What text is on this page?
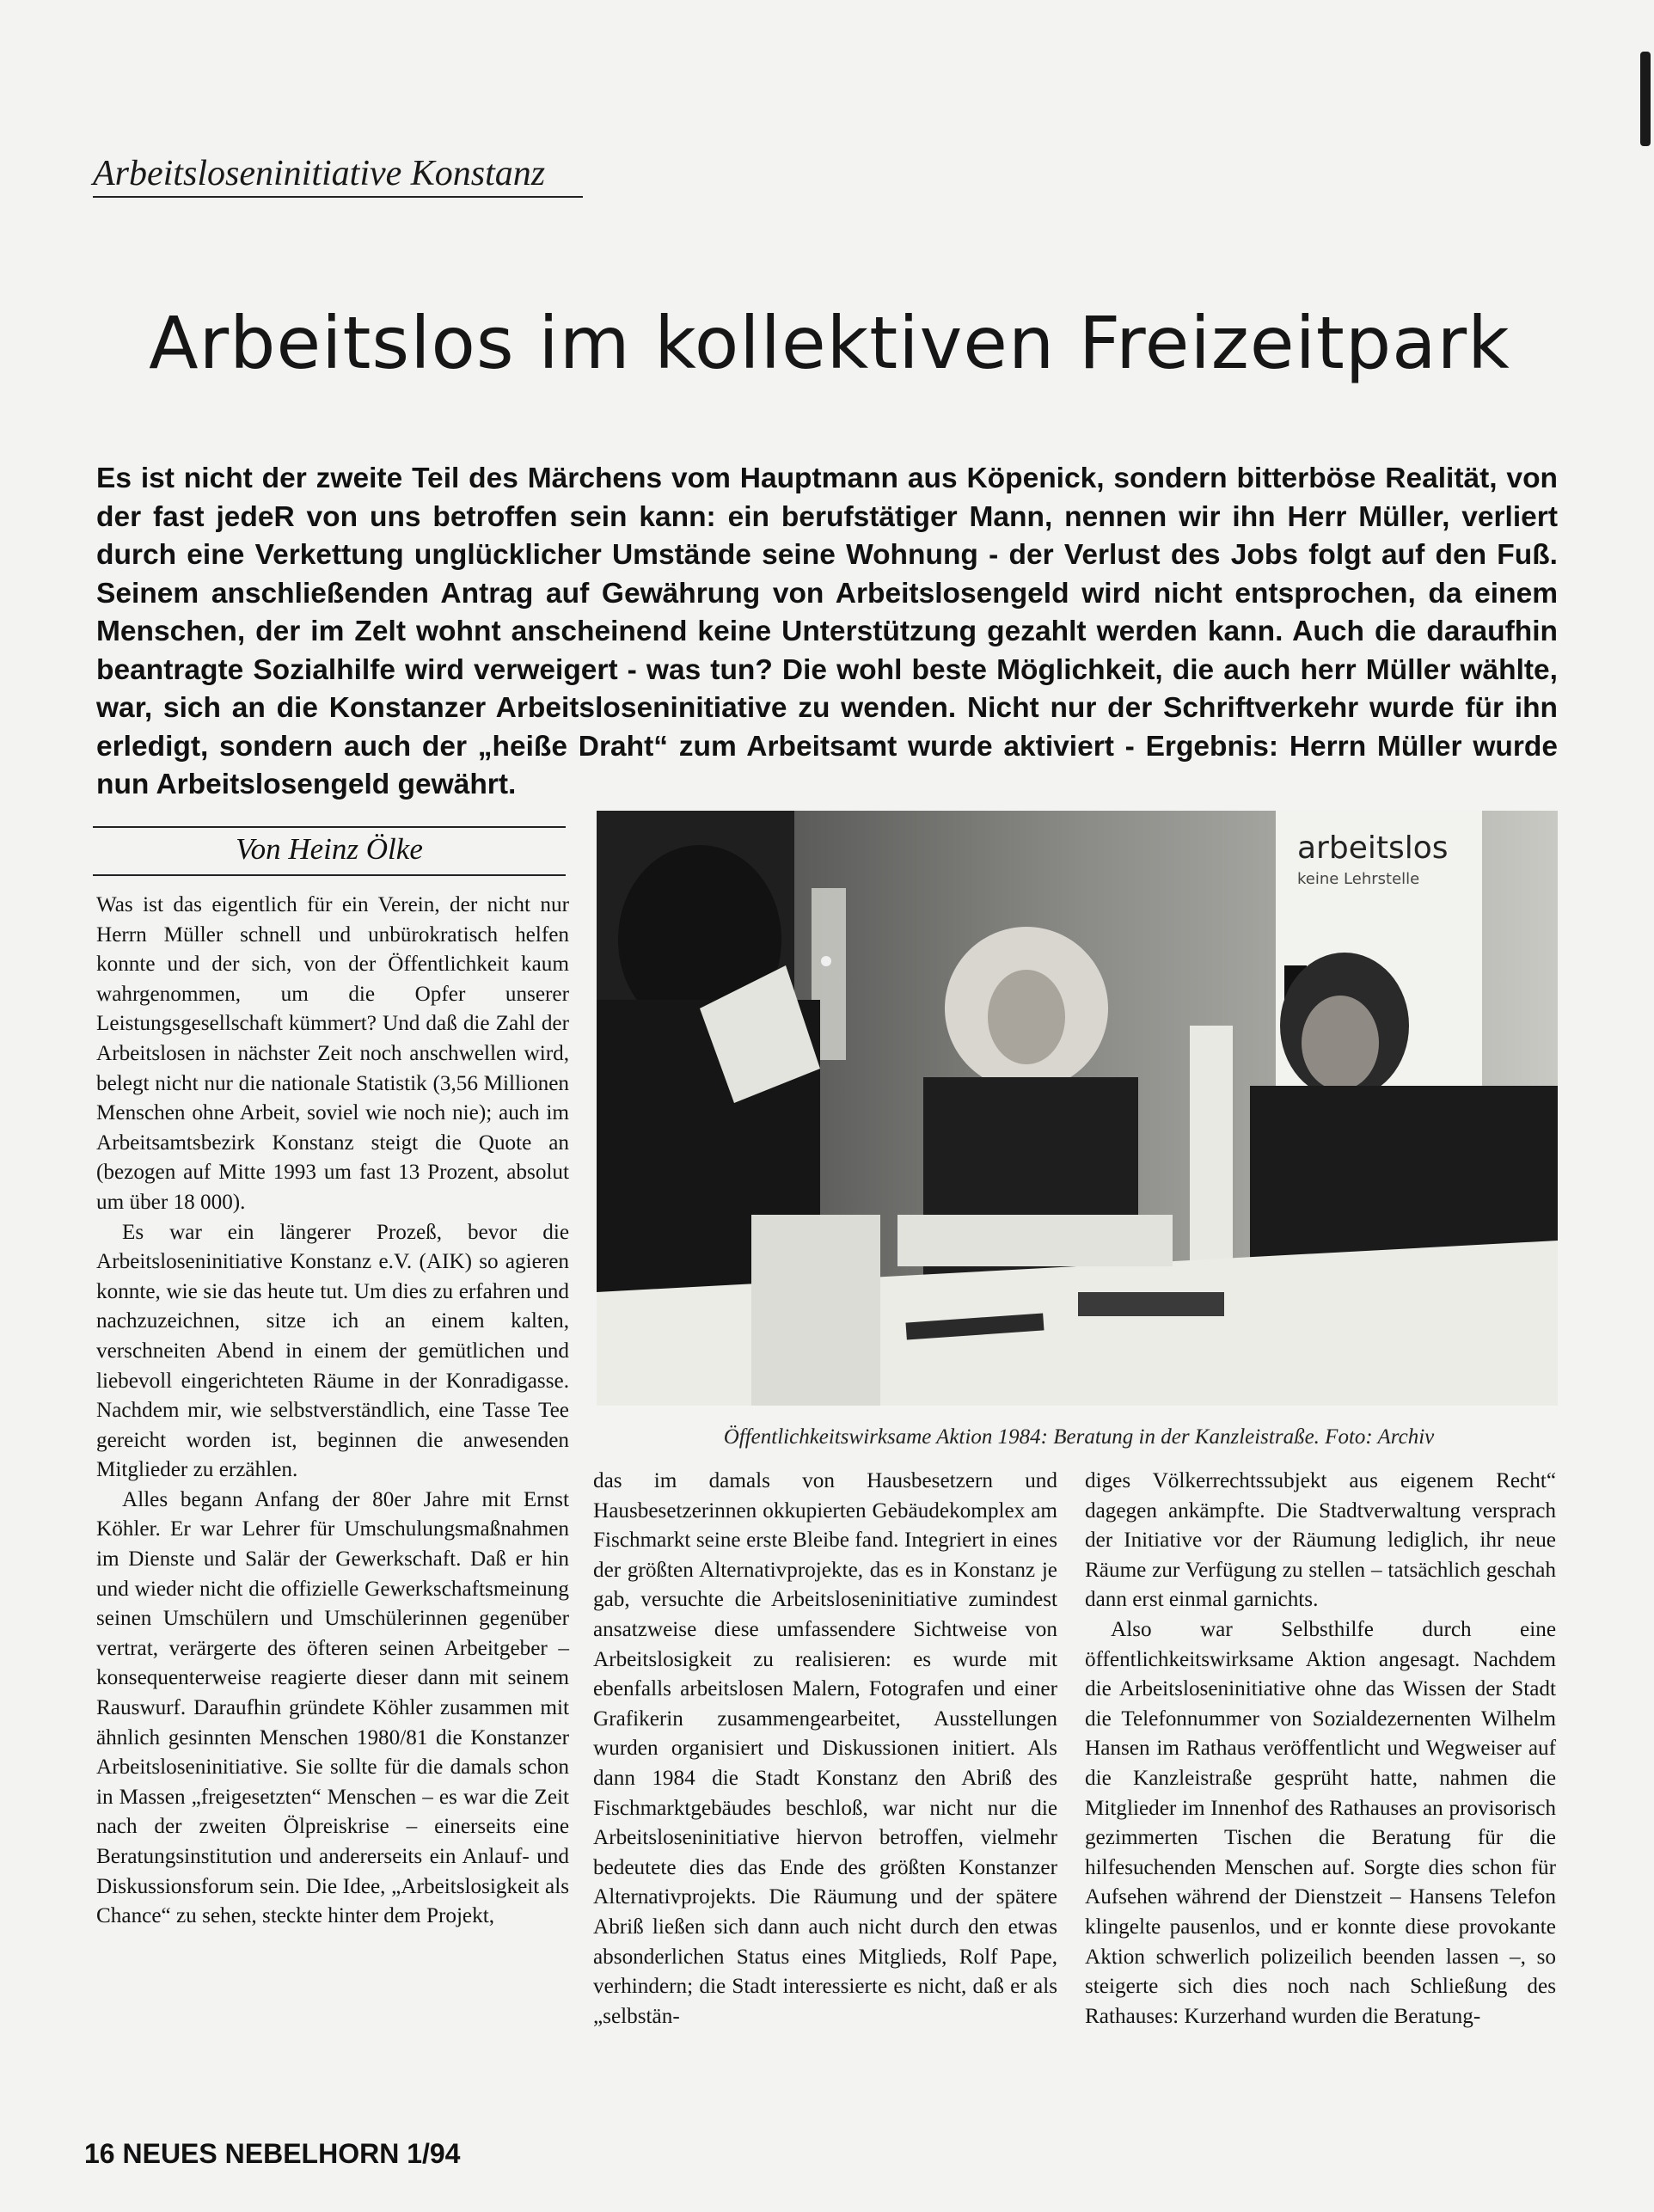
Arbeitsloseninitiative Konstanz
Arbeitslos im kollektiven Freizeitpark

Es ist nicht der zweite Teil des Märchens vom Hauptmann aus Köpenick, sondern bitterböse Realität, von der fast jedeR von uns betroffen sein kann: ein berufstätiger Mann, nennen wir ihn Herr Müller, verliert durch eine Verkettung unglücklicher Umstände seine Wohnung - der Verlust des Jobs folgt auf den Fuß. Seinem anschließenden Antrag auf Gewährung von Arbeitslosengeld wird nicht entsprochen, da einem Menschen, der im Zelt wohnt anscheinend keine Unterstützung gezahlt werden kann. Auch die daraufhin beantragte Sozialhilfe wird verweigert - was tun? Die wohl beste Möglichkeit, die auch herr Müller wählte, war, sich an die Konstanzer Arbeitsloseninitiative zu wenden. Nicht nur der Schriftverkehr wurde für ihn erledigt, sondern auch der „heiße Draht“ zum Arbeitsamt wurde aktiviert - Ergebnis: Herrn Müller wurde nun Arbeitslosengeld gewährt.

Von Heinz Ölke

Was ist das eigentlich für ein Verein, der nicht nur Herrn Müller schnell und unbürokratisch helfen konnte und der sich, von der Öffentlichkeit kaum wahrgenommen, um die Opfer unserer Leistungsgesellschaft kümmert? Und daß die Zahl der Arbeitslosen in nächster Zeit noch anschwellen wird, belegt nicht nur die nationale Statistik (3,56 Millionen Menschen ohne Arbeit, soviel wie noch nie); auch im Arbeitsamtsbezirk Konstanz steigt die Quote an (bezogen auf Mitte 1993 um fast 13 Prozent, absolut um über 18 000).

Es war ein längerer Prozeß, bevor die Arbeitsloseninitiative Konstanz e.V. (AIK) so agieren konnte, wie sie das heute tut. Um dies zu erfahren und nachzuzeichnen, sitze ich an einem kalten, verschneiten Abend in einem der gemütlichen und liebevoll eingerichteten Räume in der Konradigasse. Nachdem mir, wie selbstverständlich, eine Tasse Tee gereicht worden ist, beginnen die anwesenden Mitglieder zu erzählen.

Alles begann Anfang der 80er Jahre mit Ernst Köhler. Er war Lehrer für Umschulungsmaßnahmen im Dienste und Salär der Gewerkschaft. Daß er hin und wieder nicht die offizielle Gewerkschaftsmeinung seinen Umschülern und Umschülerinnen gegenüber vertrat, verärgerte des öfteren seinen Arbeitgeber – konsequenterweise reagierte dieser dann mit seinem Rauswurf. Daraufhin gründete Köhler zusammen mit ähnlich gesinnten Menschen 1980/81 die Konstanzer Arbeitsloseninitiative. Sie sollte für die damals schon in Massen „freigesetzten“ Menschen – es war die Zeit nach der zweiten Ölpreiskrise – einerseits eine Beratungsinstitution und andererseits ein Anlauf- und Diskussionsforum sein. Die Idee, „Arbeitslosigkeit als Chance“ zu sehen, steckte hinter dem Projekt,

arbeitslos
keine Lehrstelle
Öffentlichkeitswirksame Aktion 1984: Beratung in der Kanzleistraße. Foto: Archiv

das im damals von Hausbesetzern und Hausbesetzerinnen okkupierten Gebäudekomplex am Fischmarkt seine erste Bleibe fand. Integriert in eines der größten Alternativprojekte, das es in Konstanz je gab, versuchte die Arbeitsloseninitiative zumindest ansatzweise diese umfassendere Sichtweise von Arbeitslosigkeit zu realisieren: es wurde mit ebenfalls arbeitslosen Malern, Fotografen und einer Grafikerin zusammengearbeitet, Ausstellungen wurden organisiert und Diskussionen initiert. Als dann 1984 die Stadt Konstanz den Abriß des Fischmarktgebäudes beschloß, war nicht nur die Arbeitsloseninitiative hiervon betroffen, vielmehr bedeutete dies das Ende des größten Konstanzer Alternativprojekts. Die Räumung und der spätere Abriß ließen sich dann auch nicht durch den etwas absonderlichen Status eines Mitglieds, Rolf Pape, verhindern; die Stadt interessierte es nicht, daß er als „selbstän-

diges Völkerrechtssubjekt aus eigenem Recht“ dagegen ankämpfte. Die Stadtverwaltung versprach der Initiative vor der Räumung lediglich, ihr neue Räume zur Verfügung zu stellen – tatsächlich geschah dann erst einmal garnichts.

Also war Selbsthilfe durch eine öffentlichkeitswirksame Aktion angesagt. Nachdem die Arbeitsloseninitiative ohne das Wissen der Stadt die Telefonnummer von Sozialdezernenten Wilhelm Hansen im Rathaus veröffentlicht und Wegweiser auf die Kanzleistraße gesprüht hatte, nahmen die Mitglieder im Innenhof des Rathauses an provisorisch gezimmerten Tischen die Beratung für die hilfesuchenden Menschen auf. Sorgte dies schon für Aufsehen während der Dienstzeit – Hansens Telefon klingelte pausenlos, und er konnte diese provokante Aktion schwerlich polizeilich beenden lassen –, so steigerte sich dies noch nach Schließung des Rathauses: Kurzerhand wurden die Beratung-

16 NEUES NEBELHORN 1/94
